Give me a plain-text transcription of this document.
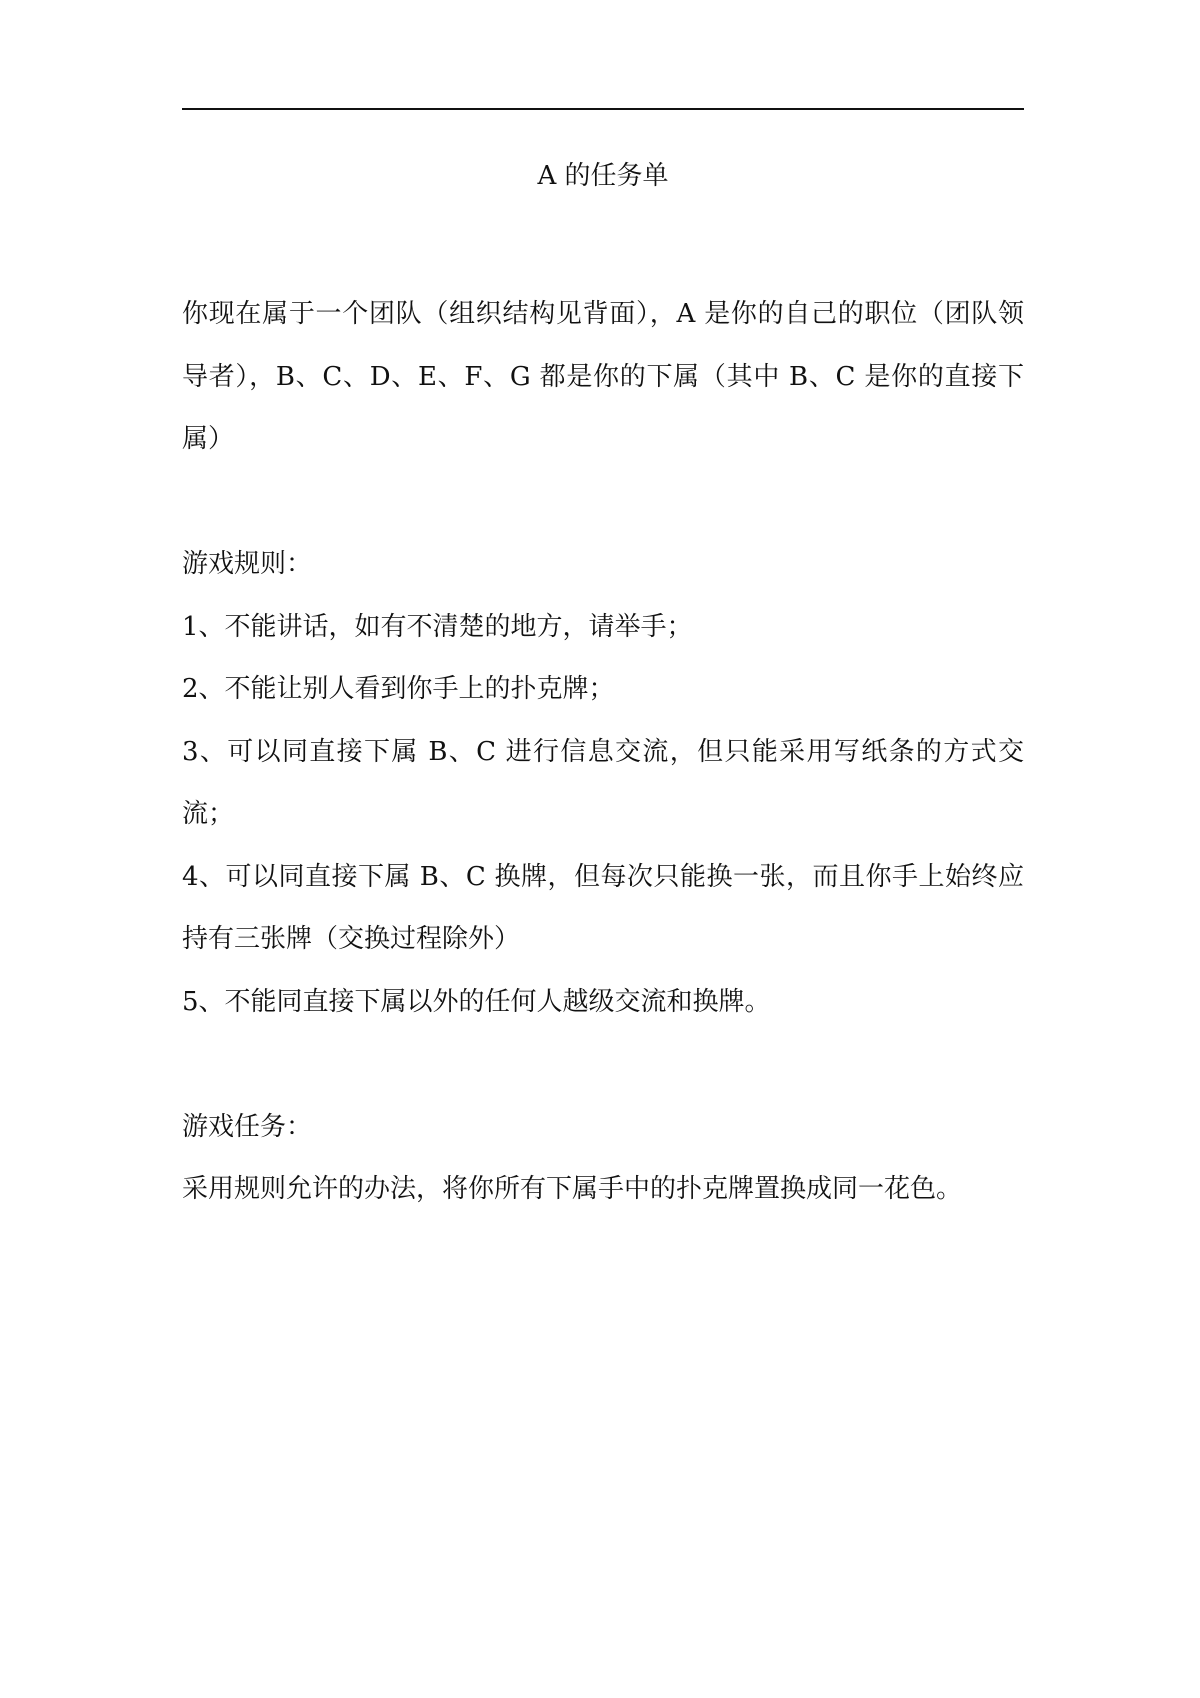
A 的任务单

你现在属于一个团队（组织结构见背面），A 是你的自己的职位（团队领导者），B、C、D、E、F、G 都是你的下属（其中 B、C 是你的直接下属）

游戏规则：

1、不能讲话，如有不清楚的地方，请举手；

2、不能让别人看到你手上的扑克牌；

3、可以同直接下属 B、C 进行信息交流，但只能采用写纸条的方式交流；

4、可以同直接下属 B、C 换牌，但每次只能换一张，而且你手上始终应持有三张牌（交换过程除外）

5、不能同直接下属以外的任何人越级交流和换牌。

游戏任务：

采用规则允许的办法，将你所有下属手中的扑克牌置换成同一花色。
